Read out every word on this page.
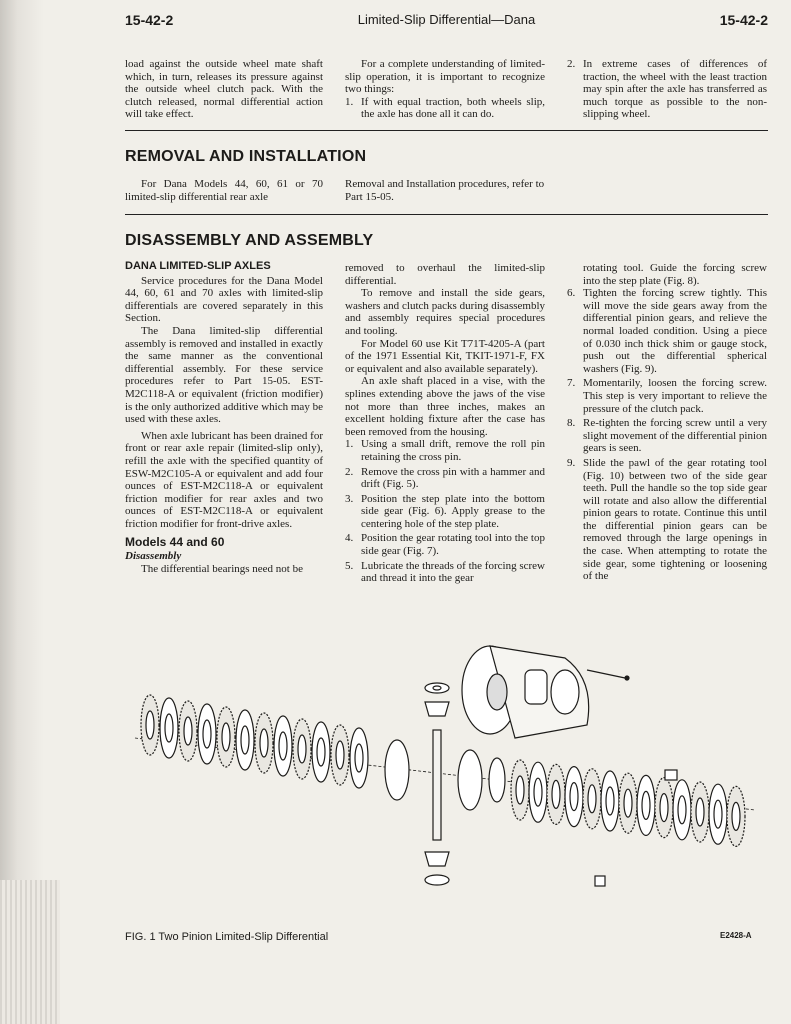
15-42-2	Limited-Slip Differential—Dana	15-42-2

load against the outside wheel mate shaft which, in turn, releases its pressure against the outside wheel clutch pack. With the clutch released, normal differential action will take effect.

For a complete understanding of limited-slip operation, it is important to recognize two things:

1. If with equal traction, both wheels slip, the axle has done all it can do.
2. In extreme cases of differences of traction, the wheel with the least traction may spin after the axle has transferred as much torque as possible to the non-slipping wheel.
REMOVAL AND INSTALLATION

For Dana Models 44, 60, 61 or 70 limited-slip differential rear axle

Removal and Installation procedures, refer to Part 15-05.

DISASSEMBLY AND ASSEMBLY
DANA LIMITED-SLIP AXLES

Service procedures for the Dana Model 44, 60, 61 and 70 axles with limited-slip differentials are covered separately in this Section.

The Dana limited-slip differential assembly is removed and installed in exactly the same manner as the conventional differential assembly. For these service procedures refer to Part 15-05. EST-M2C118-A or equivalent (friction modifier) is the only authorized additive which may be used with these axles.

When axle lubricant has been drained for front or rear axle repair (limited-slip only), refill the axle with the specified quantity of ESW-M2C105-A or equivalent and add four ounces of EST-M2C118-A or equivalent friction modifier for rear axles and two ounces of EST-M2C118-A or equivalent friction modifier for front-drive axles.

Models 44 and 60

Disassembly

The differential bearings need not be

removed to overhaul the limited-slip differential.

To remove and install the side gears, washers and clutch packs during disassembly and assembly requires special procedures and tooling.

For Model 60 use Kit T71T-4205-A (part of the 1971 Essential Kit, TKIT-1971-F, FX or equivalent and also available separately).

An axle shaft placed in a vise, with the splines extending above the jaws of the vise not more than three inches, makes an excellent holding fixture after the case has been removed from the housing.

1. Using a small drift, remove the roll pin retaining the cross pin.
2. Remove the cross pin with a hammer and drift (Fig. 5).
3. Position the step plate into the bottom side gear (Fig. 6). Apply grease to the centering hole of the step plate.
4. Position the gear rotating tool into the top side gear (Fig. 7).
5. Lubricate the threads of the forcing screw and thread it into the gear

rotating tool. Guide the forcing screw into the step plate (Fig. 8).

6. Tighten the forcing screw tightly. This will move the side gears away from the differential pinion gears, and relieve the normal loaded condition. Using a piece of 0.030 inch thick shim or gauge stock, push out the differential spherical washers (Fig. 9).
7. Momentarily, loosen the forcing screw. This step is very important to relieve the pressure of the clutch pack.
8. Re-tighten the forcing screw until a very slight movement of the differential pinion gears is seen.
9. Slide the pawl of the gear rotating tool (Fig. 10) between two of the side gear teeth. Pull the handle so the top side gear will rotate and also allow the differential pinion gears to rotate. Continue this until the differential pinion gears can be removed through the large openings in the case. When attempting to rotate the side gear, some tightening or loosening of the
FIG. 1 Two Pinion Limited-Slip Differential	E2428-A
